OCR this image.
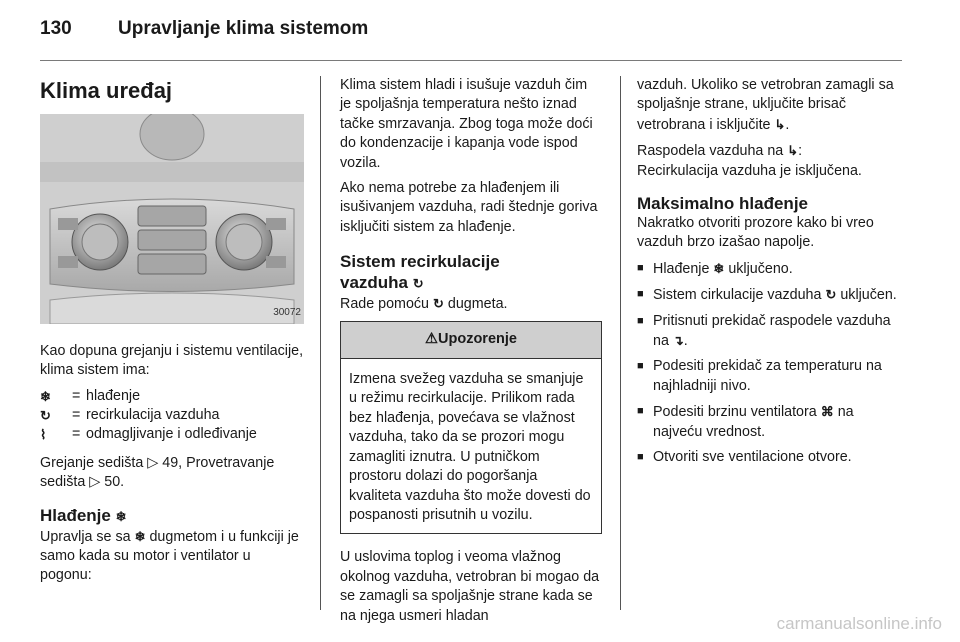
130 Upravljanje klima sistemom
Klima uređaj
30072

Kao dopuna grejanju i sistemu ventilacije, klima sistem ima:

❄	= hlađenje
↻	= recirkulacija vazduha
⌇	= odmagljivanje i odleđivanje

Grejanje sedišta ▷ 49, Provetravanje sedišta ▷ 50.

Hlađenje ❄

Upravlja se sa ❄ dugmetom i u funkciji je samo kada su motor i ventilator u pogonu:

Klima sistem hladi i isušuje vazduh čim je spoljašnja temperatura nešto iznad tačke smrzavanja. Zbog toga može doći do kondenzacije i kapanja vode ispod vozila.

Ako nema potrebe za hlađenjem ili isušivanjem vazduha, radi štednje goriva isključiti sistem za hlađenje.

Sistem recirkulacije
vazduha ↻

Rade pomoću ↻ dugmeta.

⚠Upozorenje
Izmena svežeg vazduha se smanjuje u režimu recirkulacije. Prilikom rada bez hlađenja, povećava se vlažnost vazduha, tako da se prozori mogu zamagliti iznutra. U putničkom prostoru dolazi do pogoršanja kvaliteta vazduha što može dovesti do pospanosti prisutnih u vozilu.

U uslovima toplog i veoma vlažnog okolnog vazduha, vetrobran bi mogao da se zamagli sa spoljašnje strane kada se na njega usmeri hladan

vazduh. Ukoliko se vetrobran zamagli sa spoljašnje strane, uključite brisač vetrobrana i isključite ↳.

Raspodela vazduha na ↳:
Recirkulacija vazduha je isključena.

Maksimalno hlađenje

Nakratko otvoriti prozore kako bi vreo vazduh brzo izašao napolje.

■ Hlađenje ❄ uključeno.
■ Sistem cirkulacije vazduha ↻ uključen.
■ Pritisnuti prekidač raspodele vazduha na ↴.
■ Podesiti prekidač za temperaturu na najhladniji nivo.
■ Podesiti brzinu ventilatora ⌘ na najveću vrednost.
■ Otvoriti sve ventilacione otvore.
carmanualsonline.info
